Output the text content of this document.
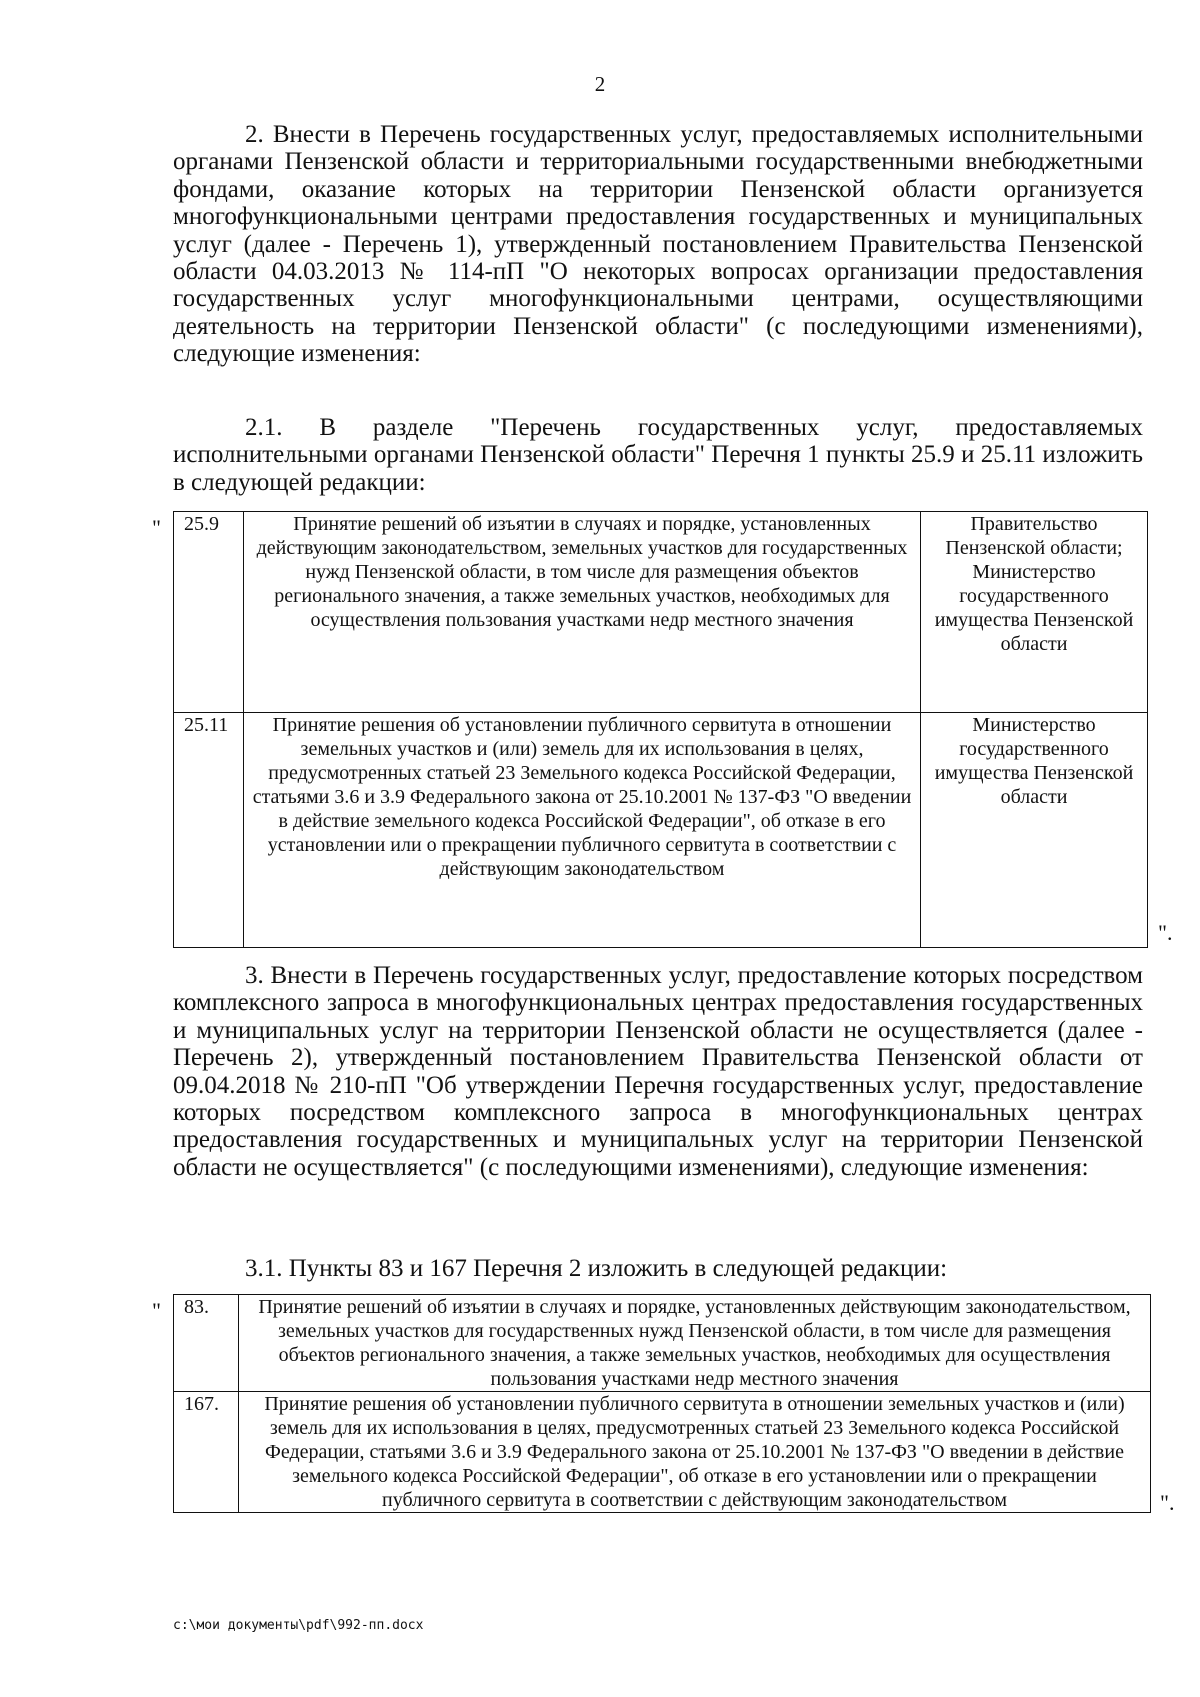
2

2. Внести в Перечень государственных услуг, предоставляемых исполнительными органами Пензенской области и территориальными государственными внебюджетными фондами, оказание которых на территории Пензенской области организуется многофункциональными центрами предоставления государственных и муниципальных услуг (далее - Перечень 1), утвержденный постановлением Правительства Пензенской области 04.03.2013 № 114-пП "О некоторых вопросах организации предоставления государственных услуг многофункциональными центрами, осуществляющими деятельность на территории Пензенской области" (с последующими изменениями), следующие изменения:

2.1. В разделе "Перечень государственных услуг, предоставляемых исполнительными органами Пензенской области" Перечня 1 пункты 25.9 и 25.11 изложить в следующей редакции:

" 25.9	Принятие решений об изъятии в случаях и порядке, установленных действующим законодательством, земельных участков для государственных нужд Пензенской области, в том числе для размещения объектов регионального значения, а также земельных участков, необходимых для осуществления пользования участками недр местного значения	Правительство Пензенской области; Министерство государственного имущества Пензенской области
25.11	Принятие решения об установлении публичного сервитута в отношении земельных участков и (или) земель для их использования в целях, предусмотренных статьей 23 Земельного кодекса Российской Федерации, статьями 3.6 и 3.9 Федерального закона от 25.10.2001 № 137-ФЗ "О введении в действие земельного кодекса Российской Федерации", об отказе в его установлении или о прекращении публичного сервитута в соответствии с действующим законодательством	Министерство государственного имущества Пензенской области
".

3. Внести в Перечень государственных услуг, предоставление которых посредством комплексного запроса в многофункциональных центрах предоставления государственных и муниципальных услуг на территории Пензенской области не осуществляется (далее - Перечень 2), утвержденный постановлением Правительства Пензенской области от 09.04.2018 № 210-пП "Об утверждении Перечня государственных услуг, предоставление которых посредством комплексного запроса в многофункциональных центрах предоставления государственных и муниципальных услуг на территории Пензенской области не осуществляется" (с последующими изменениями), следующие изменения:

3.1. Пункты 83 и 167 Перечня 2 изложить в следующей редакции:

" 83.	Принятие решений об изъятии в случаях и порядке, установленных действующим законодательством, земельных участков для государственных нужд Пензенской области, в том числе для размещения объектов регионального значения, а также земельных участков, необходимых для осуществления пользования участками недр местного значения
167.	Принятие решения об установлении публичного сервитута в отношении земельных участков и (или) земель для их использования в целях, предусмотренных статьей 23 Земельного кодекса Российской Федерации, статьями 3.6 и 3.9 Федерального закона от 25.10.2001 № 137-ФЗ "О введении в действие земельного кодекса Российской Федерации", об отказе в его установлении или о прекращении публичного сервитута в соответствии с действующим законодательством	".
c:\мои документы\pdf\992-пп.docx
